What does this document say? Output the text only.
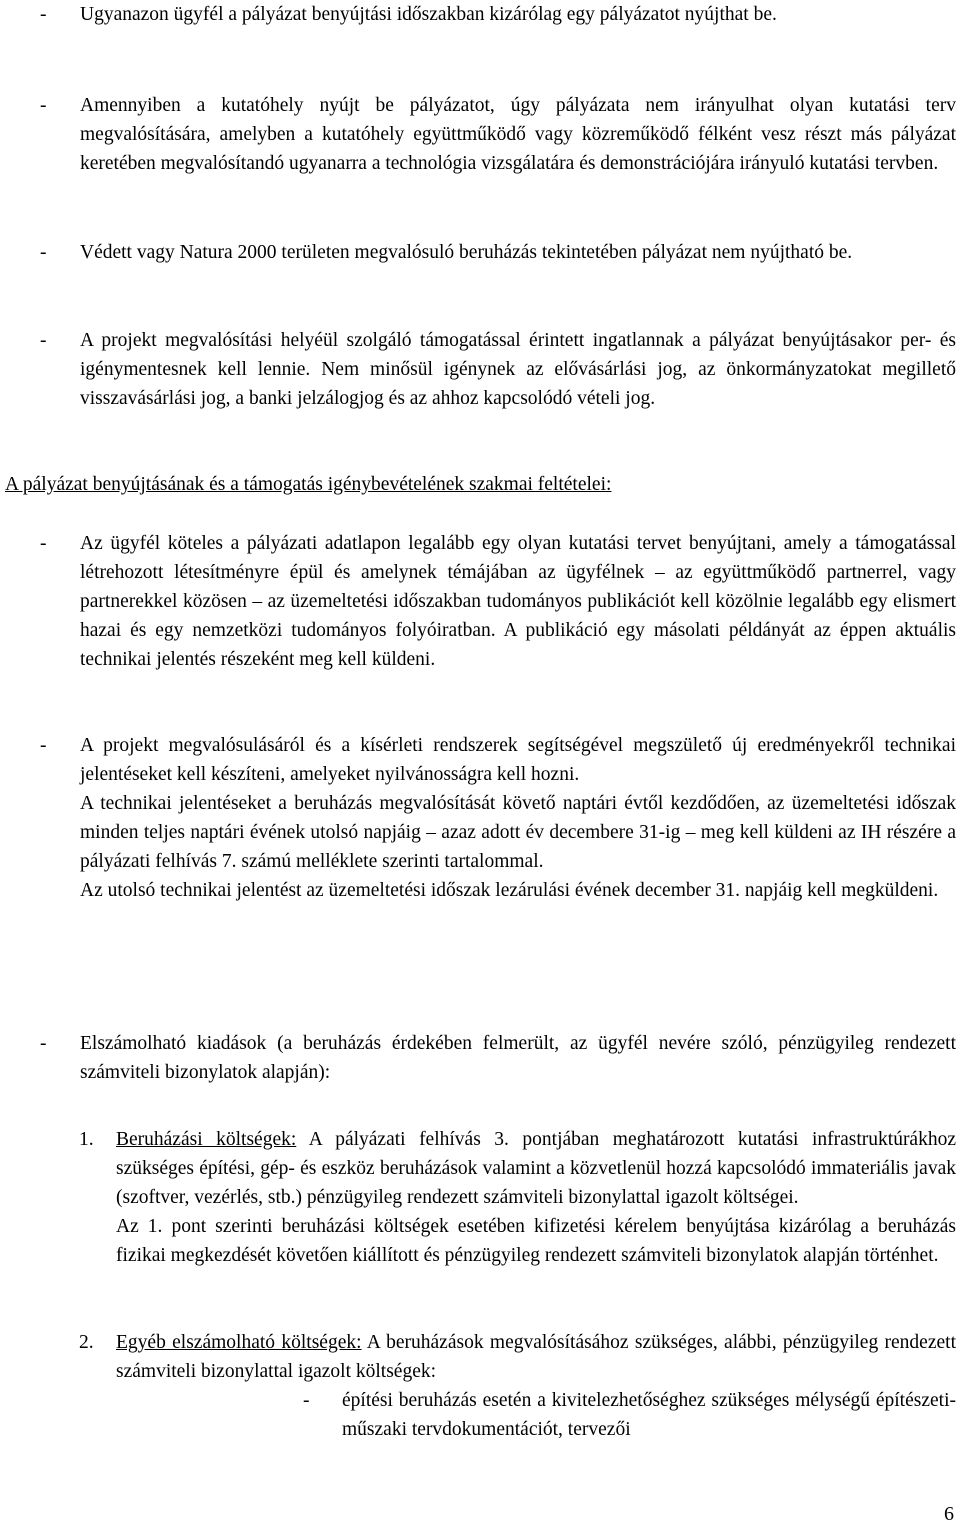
-	Ugyanazon ügyfél a pályázat benyújtási időszakban kizárólag egy pályázatot nyújthat be.
-	Amennyiben a kutatóhely nyújt be pályázatot, úgy pályázata nem irányulhat olyan kutatási terv megvalósítására, amelyben a kutatóhely együttműködő vagy közreműködő félként vesz részt más pályázat keretében megvalósítandó ugyanarra a technológia vizsgálatára és demonstrációjára irányuló kutatási tervben.
-	Védett vagy Natura 2000 területen megvalósuló beruházás tekintetében pályázat nem nyújtható be.
-	A projekt megvalósítási helyéül szolgáló támogatással érintett ingatlannak a pályázat benyújtásakor per- és igénymentesnek kell lennie. Nem minősül igénynek az elővásárlási jog, az önkormányzatokat megillető visszavásárlási jog, a banki jelzálogjog és az ahhoz kapcsolódó vételi jog.
A pályázat benyújtásának és a támogatás igénybevételének szakmai feltételei:
-	Az ügyfél köteles a pályázati adatlapon legalább egy olyan kutatási tervet benyújtani, amely a támogatással létrehozott létesítményre épül és amelynek témájában az ügyfélnek – az együttműködő partnerrel, vagy partnerekkel közösen – az üzemeltetési időszakban tudományos publikációt kell közölnie legalább egy elismert hazai és egy nemzetközi tudományos folyóiratban. A publikáció egy másolati példányát az éppen aktuális technikai jelentés részeként meg kell küldeni.
-	A projekt megvalósulásáról és a kísérleti rendszerek segítségével megszülető új eredményekről technikai jelentéseket kell készíteni, amelyeket nyilvánosságra kell hozni.

A technikai jelentéseket a beruházás megvalósítását követő naptári évtől kezdődően, az üzemeltetési időszak minden teljes naptári évének utolsó napjáig – azaz adott év decembere 31-ig – meg kell küldeni az IH részére a pályázati felhívás 7. számú melléklete szerinti tartalommal.

Az utolsó technikai jelentést az üzemeltetési időszak lezárulási évének december 31. napjáig kell megküldeni.

-	Elszámolható kiadások (a beruházás érdekében felmerült, az ügyfél nevére szóló, pénzügyileg rendezett számviteli bizonylatok alapján):
1.	Beruházási költségek: A pályázati felhívás 3. pontjában meghatározott kutatási infrastruktúrákhoz szükséges építési, gép- és eszköz beruházások valamint a közvetlenül hozzá kapcsolódó immateriális javak (szoftver, vezérlés, stb.) pénzügyileg rendezett számviteli bizonylattal igazolt költségei.

Az 1. pont szerinti beruházási költségek esetében kifizetési kérelem benyújtása kizárólag a beruházás fizikai megkezdését követően kiállított és pénzügyileg rendezett számviteli bizonylatok alapján történhet.

2.	Egyéb elszámolható költségek: A beruházások megvalósításához szükséges, alábbi, pénzügyileg rendezett számviteli bizonylattal igazolt költségek:

-	építési beruházás esetén a kivitelezhetőséghez szükséges mélységű építészeti-műszaki tervdokumentációt, tervezői
6
